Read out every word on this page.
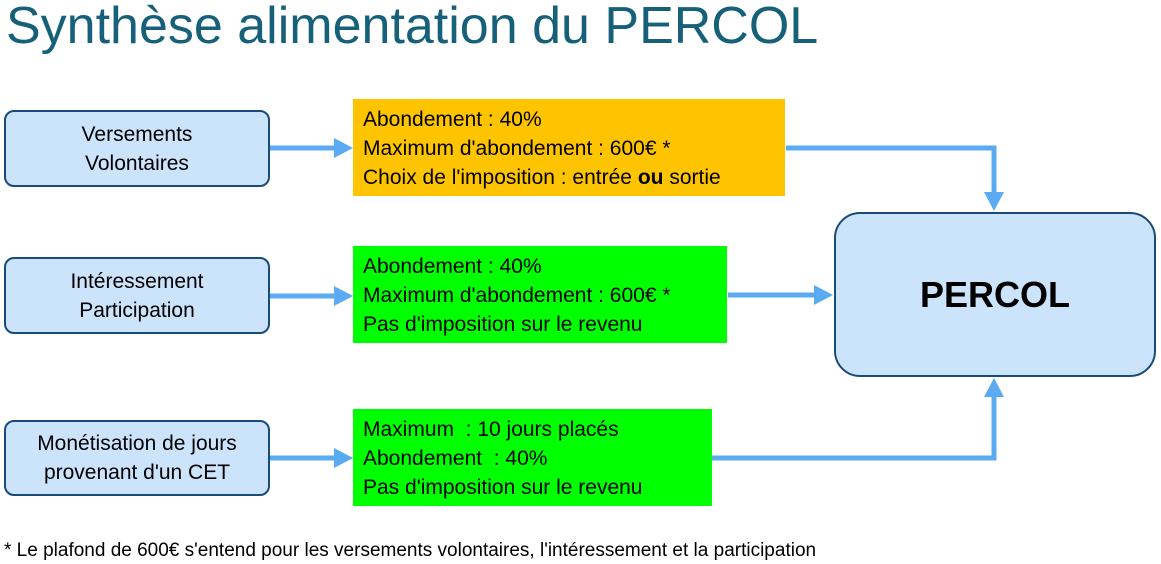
Synthèse alimentation du PERCOL
Versements
Volontaires
Intéressement
Participation
Monétisation de jours
provenant d'un CET
Abondement : 40%
Maximum d'abondement : 600€ *
Choix de l'imposition : entrée ou sortie
Abondement : 40%
Maximum d'abondement : 600€ *
Pas d'imposition sur le revenu
Maximum  : 10 jours placés
Abondement  : 40%
Pas d'imposition sur le revenu
PERCOL
* Le plafond de 600€ s'entend pour les versements volontaires, l'intéressement et la participation
